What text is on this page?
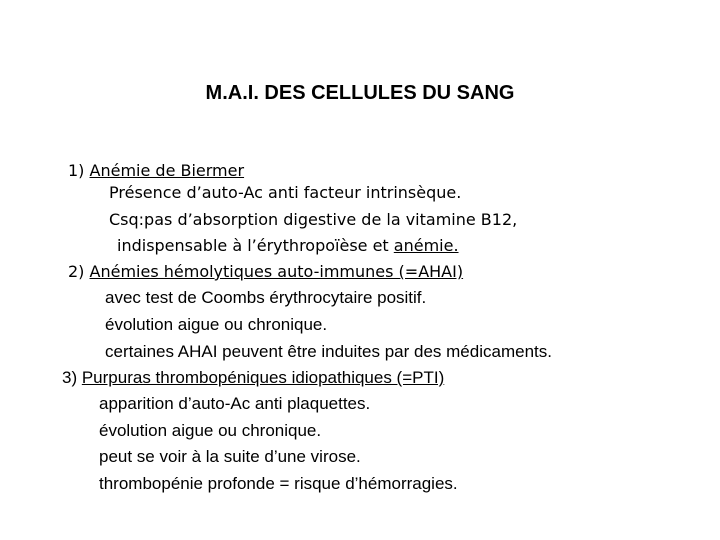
M.A.I. DES CELLULES DU SANG
1) Anémie de Biermer
Présence d’auto-Ac anti facteur intrinsèque.
Csq:pas d’absorption digestive de la vitamine B12,
indispensable à l’érythropoïèse et anémie.
2) Anémies hémolytiques auto-immunes (=AHAI)
avec test de Coombs érythrocytaire positif.
évolution aigue ou chronique.
certaines AHAI peuvent être induites par des médicaments.
3) Purpuras thrombopéniques idiopathiques (=PTI)
apparition d’auto-Ac anti plaquettes.
évolution aigue ou chronique.
peut se voir à la suite d’une virose.
thrombopénie profonde = risque d’hémorragies.
